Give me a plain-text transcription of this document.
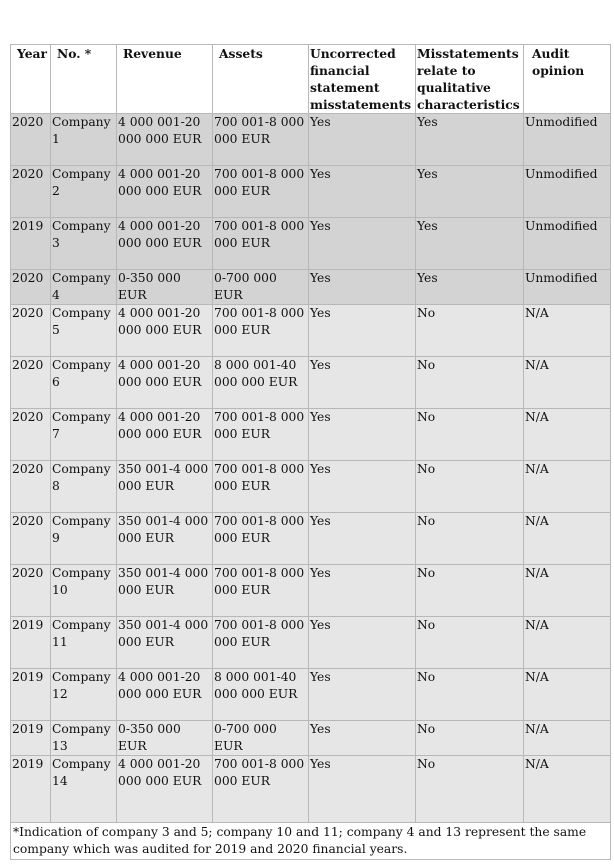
Year	No. *	Revenue	Assets	Uncorrected financial statement misstatements	Misstatements relate to qualitative characteristics	Audit opinion
2020	Company 1	4 000 001-20 000 000 EUR	700 001-8 000 000 EUR	Yes	Yes	Unmodified
2020	Company 2	4 000 001-20 000 000 EUR	700 001-8 000 000 EUR	Yes	Yes	Unmodified
2019	Company 3	4 000 001-20 000 000 EUR	700 001-8 000 000 EUR	Yes	Yes	Unmodified
2020	Company 4	0-350 000 EUR	0-700 000 EUR	Yes	Yes	Unmodified
2020	Company 5	4 000 001-20 000 000 EUR	700 001-8 000 000 EUR	Yes	No	N/A
2020	Company 6	4 000 001-20 000 000 EUR	8 000 001-40 000 000 EUR	Yes	No	N/A
2020	Company 7	4 000 001-20 000 000 EUR	700 001-8 000 000 EUR	Yes	No	N/A
2020	Company 8	350 001-4 000 000 EUR	700 001-8 000 000 EUR	Yes	No	N/A
2020	Company 9	350 001-4 000 000 EUR	700 001-8 000 000 EUR	Yes	No	N/A
2020	Company 10	350 001-4 000 000 EUR	700 001-8 000 000 EUR	Yes	No	N/A
2019	Company 11	350 001-4 000 000 EUR	700 001-8 000 000 EUR	Yes	No	N/A
2019	Company 12	4 000 001-20 000 000 EUR	8 000 001-40 000 000 EUR	Yes	No	N/A
2019	Company 13	0-350 000 EUR	0-700 000 EUR	Yes	No	N/A
2019	Company 14	4 000 001-20 000 000 EUR	700 001-8 000 000 EUR	Yes	No	N/A
*Indication of company 3 and 5; company 10 and 11; company 4 and 13 represent the same company which was audited for 2019 and 2020 financial years.						
